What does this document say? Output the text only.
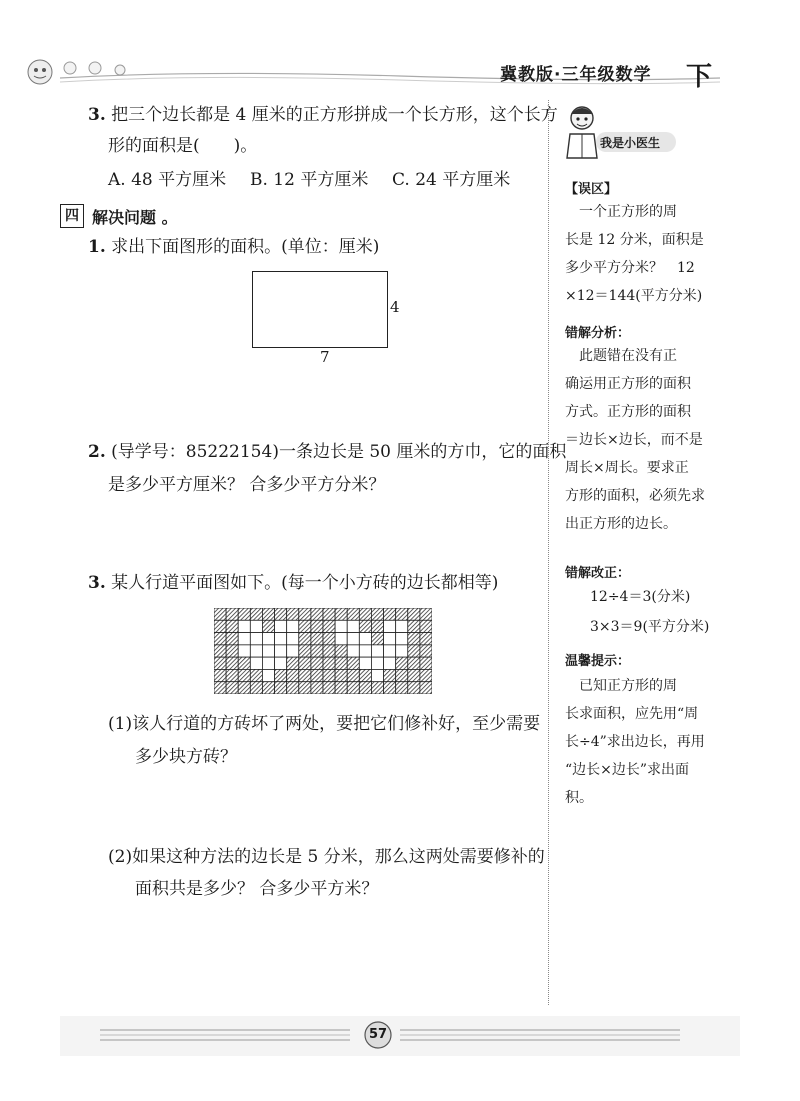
冀教版·三年级数学 下
3. 把三个边长都是 4 厘米的正方形拼成一个长方形，这个长方
形的面积是(　　)。
A. 48 平方厘米 B. 12 平方厘米 C. 24 平方厘米
四 解决问题 。
1. 求出下面图形的面积。(单位：厘米)
4
7
2. (导学号：85222154)一条边长是 50 厘米的方巾，它的面积
是多少平方厘米？ 合多少平方分米？
3. 某人行道平面图如下。(每一个小方砖的边长都相等)
(1)该人行道的方砖坏了两处，要把它们修补好，至少需要
多少块方砖？
(2)如果这种方法的边长是 5 分米，那么这两处需要修补的
面积共是多少？ 合多少平方米？
我是小医生
【误区】
　一个正方形的周
长是 12 分米，面积是
多少平方分米？　12
×12＝144(平方分米)
错解分析：
　此题错在没有正
确运用正方形的面积
方式。正方形的面积
＝边长×边长，而不是
周长×周长。要求正
方形的面积，必须先求
出正方形的边长。
错解改正：
12÷4＝3(分米)
3×3＝9(平方分米)
温馨提示：
　已知正方形的周
长求面积，应先用“周
长÷4”求出边长，再用
“边长×边长”求出面
积。
57
